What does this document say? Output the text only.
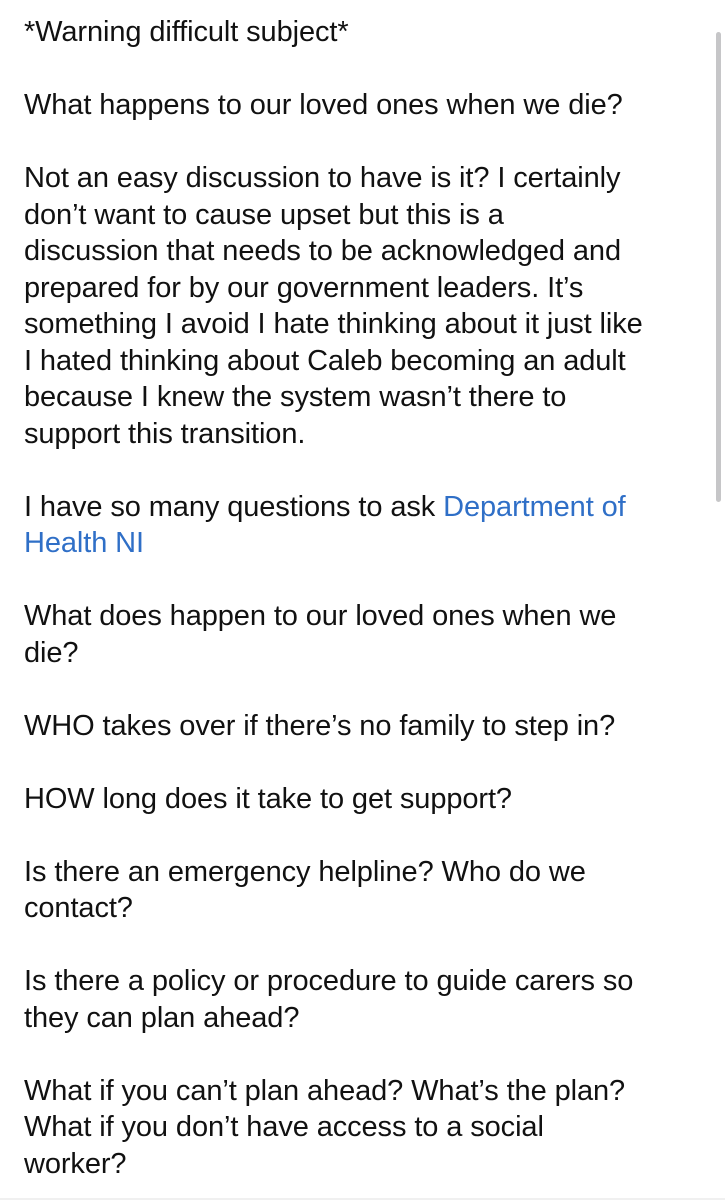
*Warning difficult subject*

What happens to our loved ones when we die?

Not an easy discussion to have is it? I certainly
don’t want to cause upset but this is a
discussion that needs to be acknowledged and
prepared for by our government leaders. It’s
something I avoid I hate thinking about it just like
I hated thinking about Caleb becoming an adult
because I knew the system wasn’t there to
support this transition.

I have so many questions to ask Department of
Health NI

What does happen to our loved ones when we
die?

WHO takes over if there’s no family to step in?

HOW long does it take to get support?

Is there an emergency helpline? Who do we
contact?

Is there a policy or procedure to guide carers so
they can plan ahead?

What if you can’t plan ahead? What’s the plan?
What if you don’t have access to a social
worker?
